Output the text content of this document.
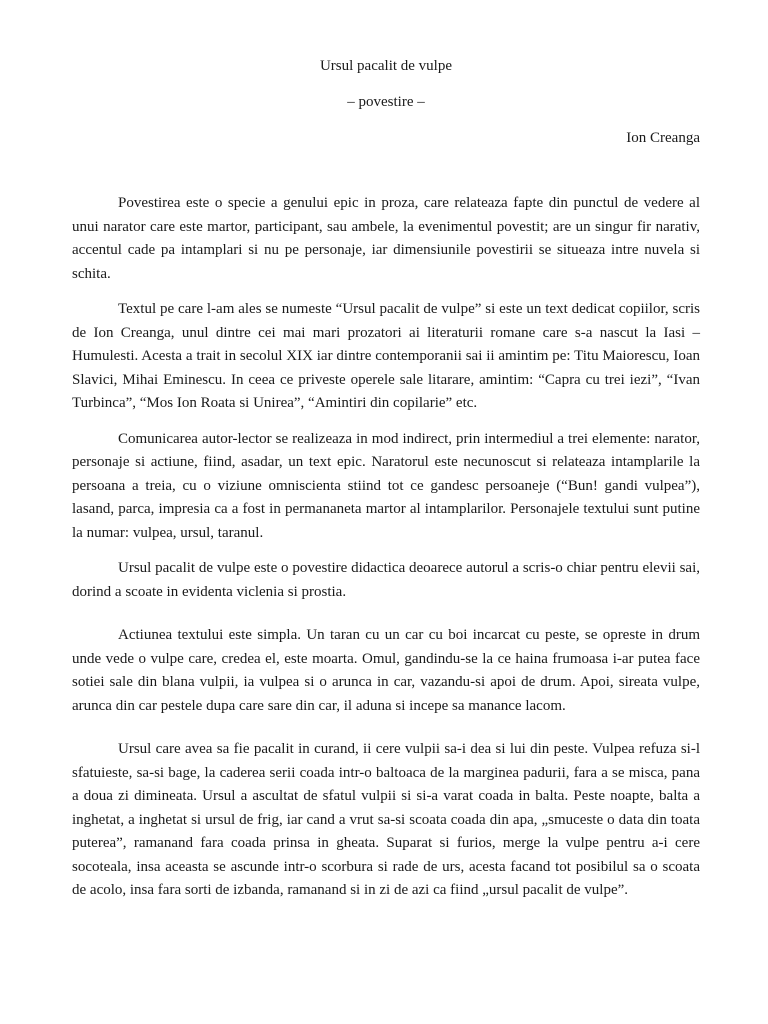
Ursul pacalit de vulpe

– povestire –

Ion Creanga

Povestirea este o specie a genului epic in proza, care relateaza fapte din punctul de vedere al unui narator care este martor, participant, sau ambele, la evenimentul povestit; are un singur fir narativ, accentul cade pa intamplari si nu pe personaje, iar dimensiunile povestirii se situeaza intre nuvela si schita.

Textul pe care l-am ales se numeste “Ursul pacalit de vulpe” si este un text dedicat copiilor, scris de Ion Creanga, unul dintre cei mai mari prozatori ai literaturii romane care s-a nascut la Iasi – Humulesti. Acesta a trait in secolul XIX iar dintre contemporanii sai ii amintim pe: Titu Maiorescu, Ioan Slavici, Mihai Eminescu. In ceea ce priveste operele sale litarare, amintim: “Capra cu trei iezi”, “Ivan Turbinca”, “Mos Ion Roata si Unirea”, “Amintiri din copilarie” etc.

Comunicarea autor-lector se realizeaza in mod indirect, prin intermediul a trei elemente: narator, personaje si actiune, fiind, asadar, un text epic. Naratorul este necunoscut si relateaza intamplarile la persoana a treia, cu o viziune omniscienta stiind tot ce gandesc persoaneje (“Bun! gandi vulpea”), lasand, parca, impresia ca a fost in permananeta martor al intamplarilor. Personajele textului sunt putine la numar: vulpea, ursul, taranul.

Ursul pacalit de vulpe este o povestire didactica deoarece autorul a scris-o chiar pentru elevii sai, dorind a scoate in evidenta viclenia si prostia.

Actiunea textului este simpla. Un taran cu un car cu boi incarcat cu peste, se opreste in drum unde vede o vulpe care, credea el, este moarta. Omul, gandindu-se la ce haina frumoasa i-ar putea face sotiei sale din blana vulpii, ia vulpea si o arunca in car, vazandu-si apoi de drum. Apoi, sireata vulpe, arunca din car pestele dupa care sare din car, il aduna si incepe sa manance lacom.

Ursul care avea sa fie pacalit in curand, ii cere vulpii sa-i dea si lui din peste. Vulpea refuza si-l sfatuieste, sa-si bage, la caderea serii coada intr-o baltoaca de la marginea padurii, fara a se misca, pana a doua zi dimineata. Ursul a ascultat de sfatul vulpii si si-a varat coada in balta. Peste noapte, balta a inghetat, a inghetat si ursul de frig, iar cand a vrut sa-si scoata coada din apa, „smuceste o data din toata puterea”, ramanand fara coada prinsa in gheata. Suparat si furios, merge la vulpe pentru a-i cere socoteala, insa aceasta se ascunde intr-o scorbura si rade de urs, acesta facand tot posibilul sa o scoata de acolo, insa fara sorti de izbanda, ramanand si in zi de azi ca fiind „ursul pacalit de vulpe”.
